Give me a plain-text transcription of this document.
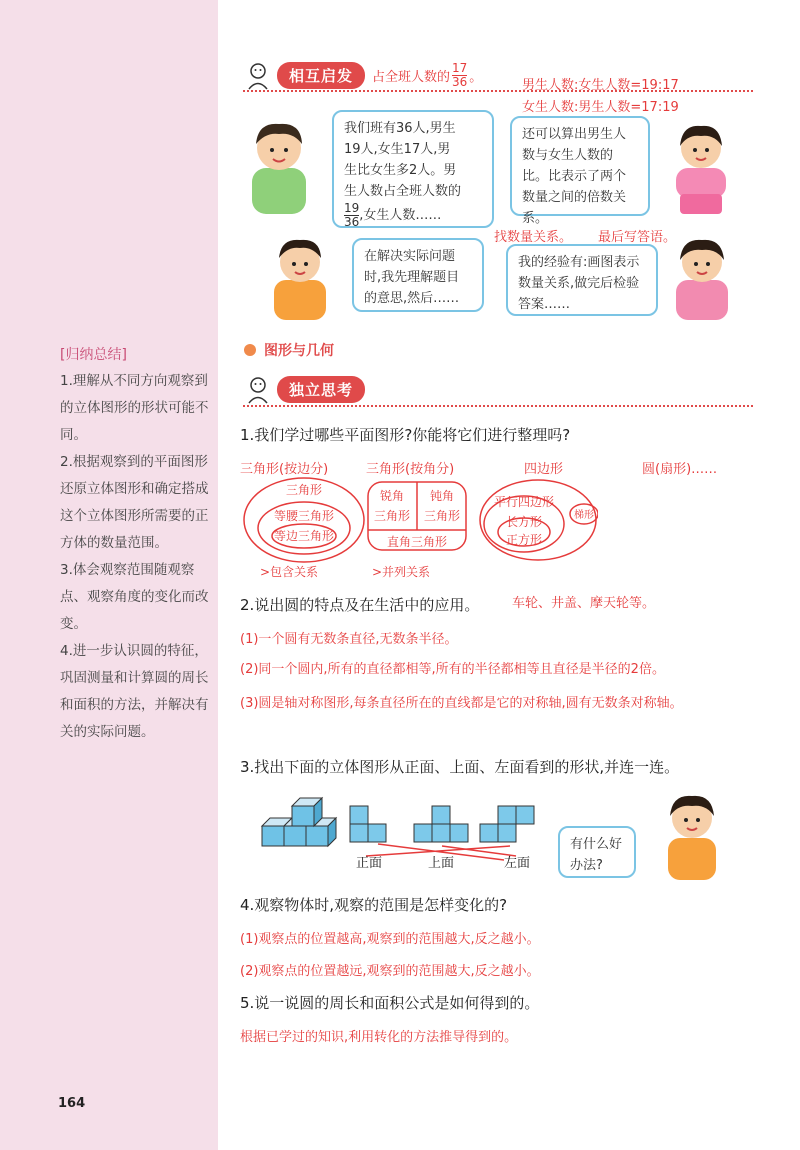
[归纳总结]
1.理解从不同方向观察到的立体图形的形状可能不同。
2.根据观察到的平面图形还原立体图形和确定搭成这个立体图形所需要的正方体的数量范围。
3.体会观察范围随观察点、观察角度的变化而改变。
4.进一步认识圆的特征，巩固测量和计算圆的周长和面积的方法，并解决有关的实际问题。
相互启发	占全班人数的 $\frac{17}{36}$ 。
男生人数:女生人数=19:17
女生人数:男生人数=17:19
我们班有36人,男生
19人,女生17人,男
生比女生多2人。男
生人数占全班人数的
$\frac{19}{36}$ ,女生人数……
还可以算出男生人数与女生人数的比。比表示了两个数量之间的倍数关系。
在解决实际问题时,我先理解题目的意思,然后……
我的经验有:画图表示数量关系,做完后检验答案……
找数量关系。 最后写答语。
图形与几何
独立思考
1.我们学过哪些平面图形?你能将它们进行整理吗?
三角形(按边分)	三角形(按角分)	四边形	圆(扇形)……
三角形
等腰三角形
等边三角形
锐角
三角形
钝角
三角形
直角三角形
平行四边形
长方形
正方形
梯形
>包含关系	>并列关系
2.说出圆的特点及在生活中的应用。	车轮、井盖、摩天轮等。
(1)一个圆有无数条直径,无数条半径。
(2)同一个圆内,所有的直径都相等,所有的半径都相等且直径是半径的2倍。
(3)圆是轴对称图形,每条直径所在的直线都是它的对称轴,圆有无数条对称轴。
3.找出下面的立体图形从正面、上面、左面看到的形状,并连一连。
正面	上面	左面
有什么好办法?
4.观察物体时,观察的范围是怎样变化的?
(1)观察点的位置越高,观察到的范围越大,反之越小。
(2)观察点的位置越远,观察到的范围越大,反之越小。
5.说一说圆的周长和面积公式是如何得到的。
根据已学过的知识,利用转化的方法推导得到的。
164
